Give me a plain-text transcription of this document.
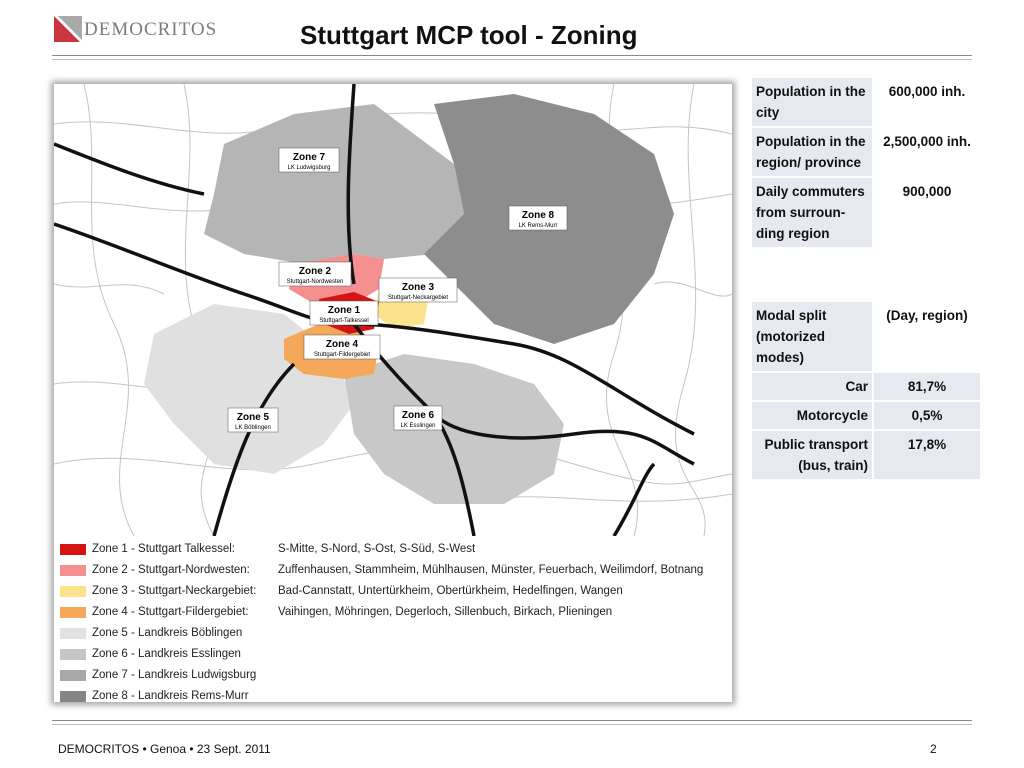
DEMOCRITOS	Stuttgart MCP tool - Zoning
Zone 7
LK Ludwigsburg
Zone 8
LK Rems-Murr
Zone 2
Stuttgart-Nordwesten	Zone 3
Stuttgart-Neckargebiet
Zone 1
Stuttgart-Talkessel
Zone 4
Stuttgart-Fildergebiet
Zone 5
LK Böblingen
Zone 6
LK Esslingen
Zone 1 - Stuttgart Talkessel:	S-Mitte, S-Nord, S-Ost, S-Süd, S-West
Zone 2 - Stuttgart-Nordwesten: Zuffenhausen, Stammheim, Mühlhausen, Münster, Feuerbach, Weilimdorf, Botnang
Zone 3 - Stuttgart-Neckargebiet: Bad-Cannstatt, Untertürkheim, Obertürkheim, Hedelfingen, Wangen
Zone 4 - Stuttgart-Fildergebiet:	Vaihingen, Möhringen, Degerloch, Sillenbuch, Birkach, Plieningen
Zone 5 - Landkreis Böblingen
Zone 6 - Landkreis Esslingen
Zone 7 - Landkreis Ludwigsburg
Zone 8 - Landkreis Rems-Murr
Population in the city	600,000 inh.
Population in the region/ province	2,500,000 inh.
Daily commuters from surroun-ding region	900,000
Modal split (motorized modes)	(Day, region)
Car	81,7%
Motorcycle	0,5%
Public transport (bus, train)	17,8%
DEMOCRITOS • Genoa • 23 Sept. 2011	2
